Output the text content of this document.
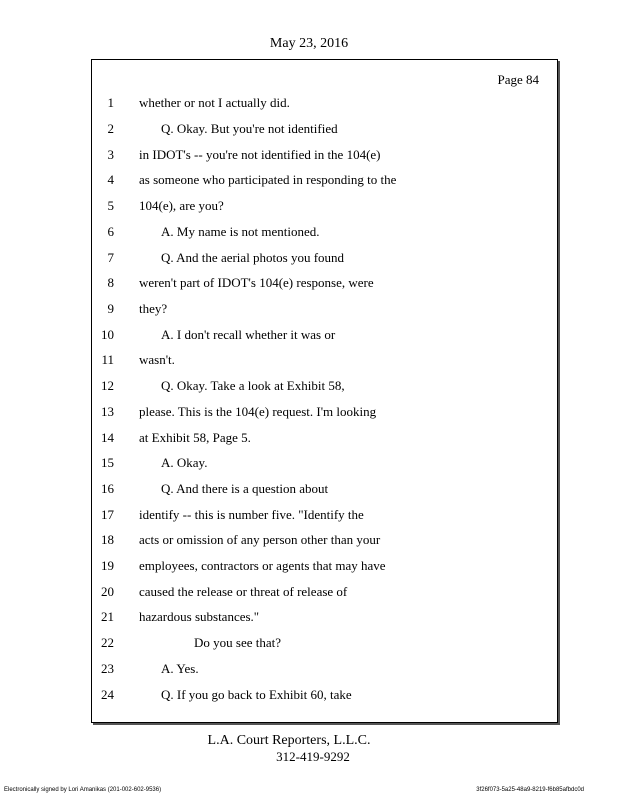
May 23, 2016
Page 84
1 whether or not I actually did.
2	Q. Okay. But you're not identified
3 in IDOT's -- you're not identified in the 104(e)
4 as someone who participated in responding to the
5 104(e), are you?
6	A. My name is not mentioned.
7	Q. And the aerial photos you found
8 weren't part of IDOT's 104(e) response, were
9 they?
10	A. I don't recall whether it was or
11 wasn't.
12	Q. Okay. Take a look at Exhibit 58,
13 please. This is the 104(e) request. I'm looking
14 at Exhibit 58, Page 5.
15	A. Okay.
16	Q. And there is a question about
17 identify -- this is number five. "Identify the
18 acts or omission of any person other than your
19 employees, contractors or agents that may have
20 caused the release or threat of release of
21 hazardous substances."
22	Do you see that?
23	A. Yes.
24	Q. If you go back to Exhibit 60, take
L.A. Court Reporters, L.L.C.
312-419-9292
Electronically signed by Lori Amanikas (201-002-602-9536)	3f26f073-5a25-48a9-8219-f6b85afbdc0d
